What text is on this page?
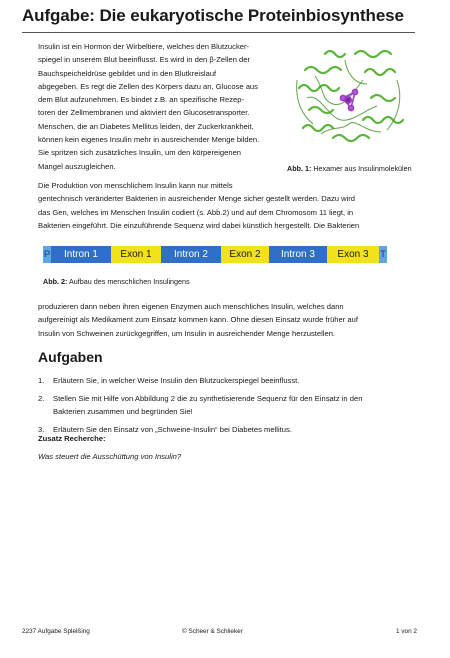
Aufgabe: Die eukaryotische Proteinbiosynthese
Insulin ist ein Hormon der Wirbeltiere, welches den Blutzucker-
spiegel in unserem Blut beeinflusst. Es wird in den β-Zellen der
Bauchspeicheldrüse gebildet und in den Blutkreislauf
abgegeben. Es regt die Zellen des Körpers dazu an, Glucose aus
dem Blut aufzunehmen. Es bindet z.B. an spezifische Rezep-
toren der Zellmembranen und aktiviert den Glucosetransporter.
Menschen, die an Diabetes Mellitus leiden, der Zuckerkrankheit,
können kein eigenes Insulin mehr in ausreichender Menge bilden.
Sie spritzen sich zusätzliches Insulin, um den körpereigenen
Mangel auszugleichen.	Abb. 1: Hexamer aus Insulinmolekülen
Die Produktion von menschlichem Insulin kann nur mittels
gentechnisch veränderter Bakterien in ausreichender Menge sicher gestellt werden. Dazu wird
das Gen, welches im Menschen Insulin codiert (s. Abb.2) und auf dem Chromosom 11 liegt, in
Bakterien eingeführt. Die einzuführende Sequenz wird dabei künstlich hergestellt. Die Bakterien
P	Intron 1	Exon 1	Intron 2	Exon 2	Intron 3	Exon 3	T
Abb. 2: Aufbau des menschlichen Insulingens
produzieren dann neben ihren eigenen Enzymen auch menschliches Insulin, welches dann
aufgereinigt als Medikament zum Einsatz kommen kann. Ohne diesen Einsatz wurde früher auf
Insulin von Schweinen zurückgegriffen, um Insulin in ausreichender Menge herzustellen.
Aufgaben
1. Erläutern Sie, in welcher Weise Insulin den Blutzuckerspiegel beeinflusst.
2. Stellen Sie mit Hilfe von Abbildung 2 die zu synthetisierende Sequenz für den Einsatz in den
Bakterien zusammen und begründen Sie!
3. Erläutern Sie den Einsatz von „Schweine-Insulin“ bei Diabetes mellitus.
Zusatz Recherche:
Was steuert die Ausschüttung von Insulin?
2237 Aufgabe Spleißing	© Scheer & Schlieker	1 von 2
